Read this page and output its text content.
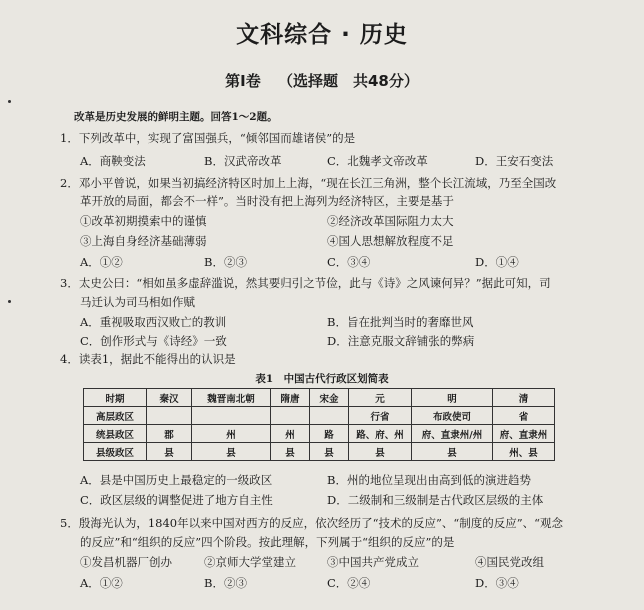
文科综合 · 历史
第Ⅰ卷 （选择题　共48分）
改革是历史发展的鲜明主题。回答1～2题。
1．下列改革中，实现了富国强兵，“倾邻国而雄诸侯”的是
A．商鞅变法	B．汉武帝改革	C．北魏孝文帝改革	D．王安石变法
2．邓小平曾说，如果当初搞经济特区时加上上海，“现在长江三角洲，整个长江流域，乃至全国改
革开放的局面，都会不一样”。当时没有把上海列为经济特区，主要是基于
①改革初期摸索中的谨慎	②经济改革国际阻力太大
③上海自身经济基础薄弱	④国人思想解放程度不足
A．①②	B．②③	C．③④	D．①④
3．太史公曰：“相如虽多虚辞滥说，然其要归引之节俭，此与《诗》之风谏何异？”据此可知，司
马迁认为司马相如作赋
A．重视吸取西汉败亡的教训	B．旨在批判当时的奢靡世风
C．创作形式与《诗经》一致	D．注意克服文辞铺张的弊病
4．读表1，据此不能得出的认识是
表1　中国古代行政区划简表
时期	秦汉	魏晋南北朝	隋唐	宋金	元	明	清
高层政区					行省	布政使司	省
统县政区	郡	州	州	路	路、府、州	府、直隶州/州	府、直隶州
县级政区	县	县	县	县	县	县	州、县
A．县是中国历史上最稳定的一级政区	B．州的地位呈现出由高到低的演进趋势
C．政区层级的调整促进了地方自主性	D．二级制和三级制是古代政区层级的主体
5．殷海光认为，1840年以来中国对西方的反应，依次经历了“技术的反应”、“制度的反应”、“观念
的反应”和“组织的反应”四个阶段。按此理解，下列属于“组织的反应”的是
①发昌机器厂创办	②京师大学堂建立	③中国共产党成立	④国民党改组
A．①②	B．②③	C．②④	D．③④
